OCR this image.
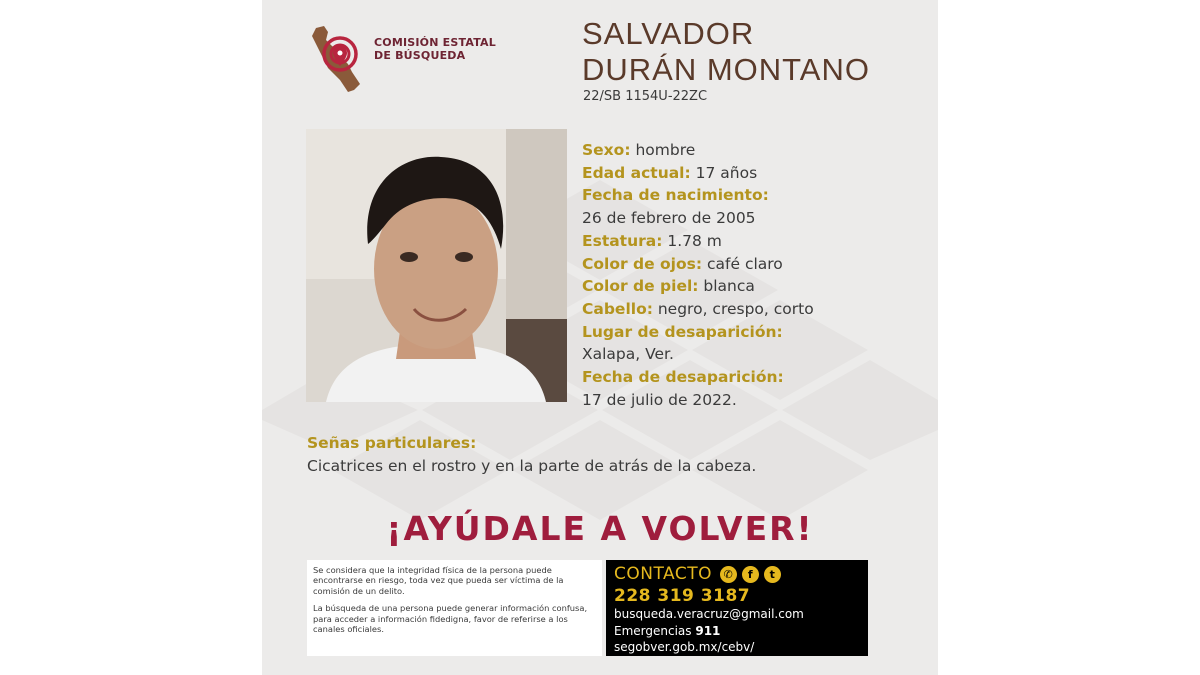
COMISIÓN ESTATAL
DE BÚSQUEDA
SALVADOR
DURÁN MONTANO
22/SB 1154U-22ZC
Sexo: hombre
Edad actual: 17 años
Fecha de nacimiento:
26 de febrero de 2005
Estatura: 1.78 m
Color de ojos: café claro
Color de piel: blanca
Cabello: negro, crespo, corto
Lugar de desaparición:
Xalapa, Ver.
Fecha de desaparición:
17 de julio de 2022.
Señas particulares:
Cicatrices en el rostro y en la parte de atrás de la cabeza.
¡AYÚDALE A VOLVER!

Se considera que la integridad física de la persona puede encontrarse en riesgo, toda vez que pueda ser víctima de la comisión de un delito.

La búsqueda de una persona puede generar información confusa, para acceder a información fidedigna, favor de referirse a los canales oficiales.

CONTACTO	✆	f	t
228 319 3187
busqueda.veracruz@gmail.com
Emergencias 911
segobver.gob.mx/cebv/
